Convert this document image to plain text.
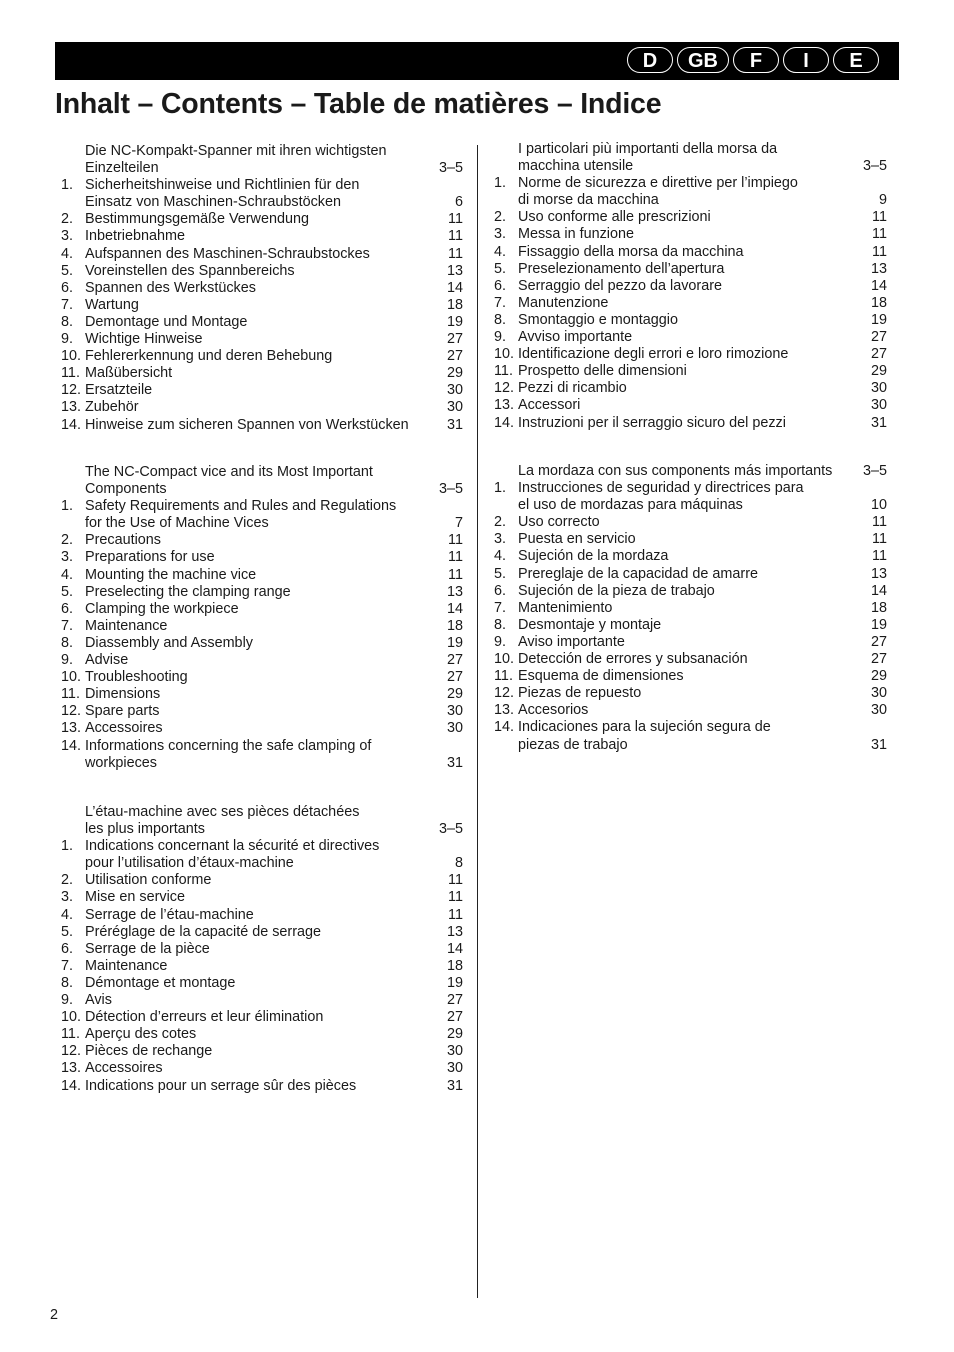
D	GB	F	I	E
Inhalt – Contents – Table de matières – Indice
Die NC-Kompakt-Spanner mit ihren wichtigsten
Einzelteilen	3–5
1. Sicherheitshinweise und Richtlinien für den
Einsatz von Maschinen-Schraubstöcken	6
2. Bestimmungsgemäße Verwendung	11
3. Inbetriebnahme	11
4. Aufspannen des Maschinen-Schraubstockes	11
5. Voreinstellen des Spannbereichs	13
6. Spannen des Werkstückes	14
7. Wartung	18
8. Demontage und Montage	19
9. Wichtige Hinweise	27
10. Fehlererkennung und deren Behebung	27
11. Maßübersicht	29
12. Ersatzteile	30
13. Zubehör	30
14. Hinweise zum sicheren Spannen von Werkstücken	31
The NC-Compact vice and its Most Important
Components	3–5
1. Safety Requirements and Rules and Regulations
for the Use of Machine Vices	7
2. Precautions	11
3. Preparations for use	11
4. Mounting the machine vice	11
5. Preselecting the clamping range	13
6. Clamping the workpiece	14
7. Maintenance	18
8. Diassembly and Assembly	19
9. Advise	27
10. Troubleshooting	27
11. Dimensions	29
12. Spare parts	30
13. Accessoires	30
14. Informations concerning the safe clamping of
workpieces	31
L’étau-machine avec ses pièces détachées
les plus importants	3–5
1. Indications concernant la sécurité et directives
pour l’utilisation d’étaux-machine	8
2. Utilisation conforme	11
3. Mise en service	11
4. Serrage de l’étau-machine	11
5. Préréglage de la capacité de serrage	13
6. Serrage de la pièce	14
7. Maintenance	18
8. Démontage et montage	19
9. Avis	27
10. Détection d’erreurs et leur élimination	27
11. Aperçu des cotes	29
12. Pièces de rechange	30
13. Accessoires	30
14. Indications pour un serrage sûr des pièces	31
I particolari più importanti della morsa da
macchina utensile	3–5
1. Norme de sicurezza e direttive per l’impiego
di morse da macchina	9
2. Uso conforme alle prescrizioni	11
3. Messa in funzione	11
4. Fissaggio della morsa da macchina	11
5. Preselezionamento dell’apertura	13
6. Serraggio del pezzo da lavorare	14
7. Manutenzione	18
8. Smontaggio e montaggio	19
9. Avviso importante	27
10. Identificazione degli errori e loro rimozione	27
11. Prospetto delle dimensioni	29
12. Pezzi di ricambio	30
13. Accessori	30
14. Instruzioni per il serraggio sicuro del pezzi	31
La mordaza con sus components más importants 3–5
1. Instrucciones de seguridad y directrices para
el uso de mordazas para máquinas	10
2. Uso correcto	11
3. Puesta en servicio	11
4. Sujeción de la mordaza	11
5. Prereglaje de la capacidad de amarre	13
6. Sujeción de la pieza de trabajo	14
7. Mantenimiento	18
8. Desmontaje y montaje	19
9. Aviso importante	27
10. Detección de errores y subsanación	27
11. Esquema de dimensiones	29
12. Piezas de repuesto	30
13. Accesorios	30
14. Indicaciones para la sujeción segura de
piezas de trabajo	31
2
